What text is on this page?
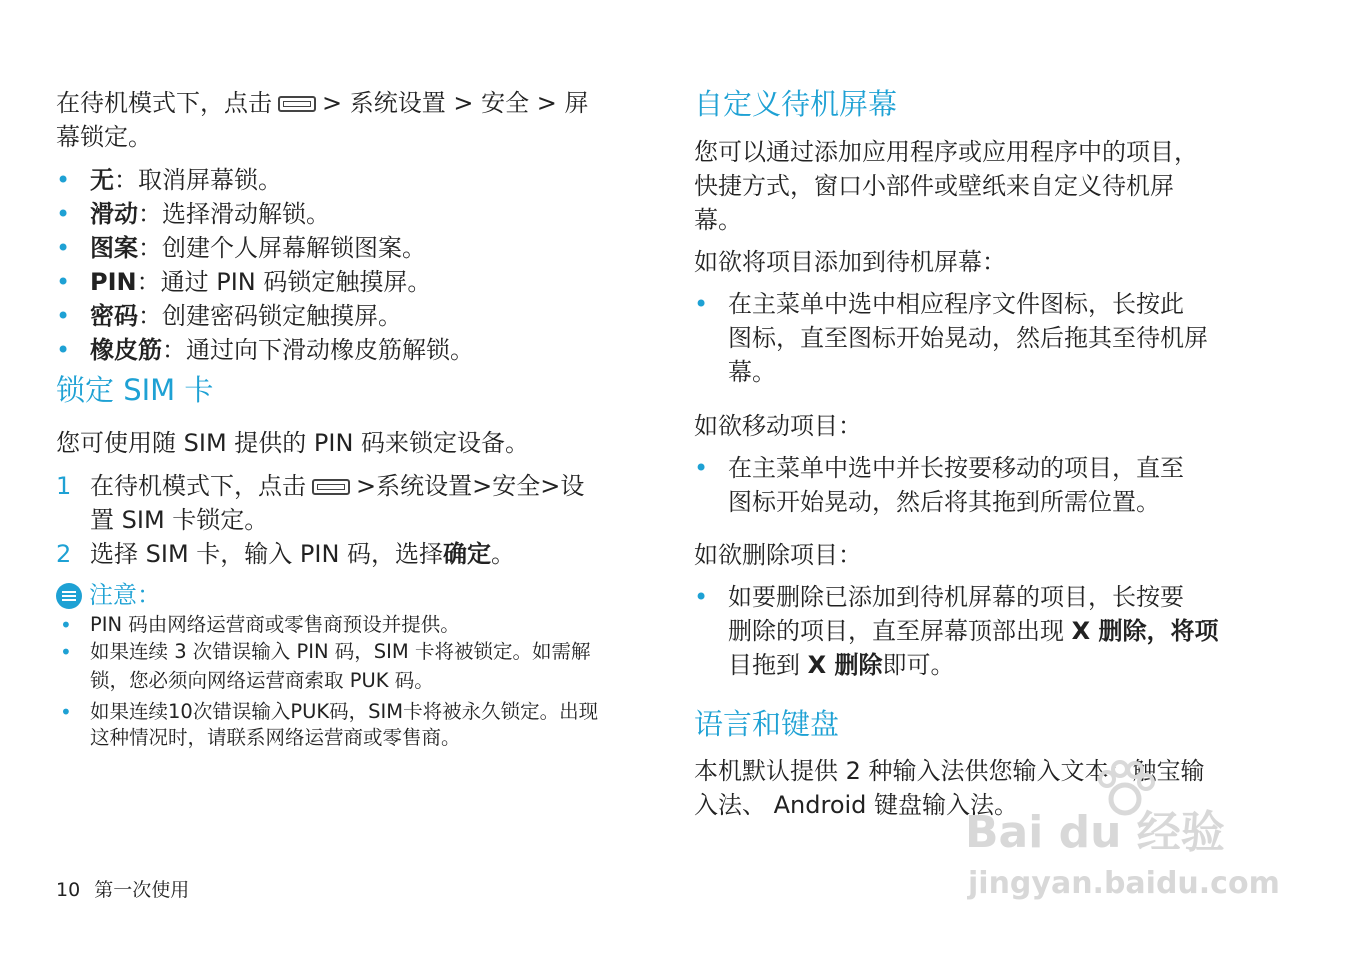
在待机模式下，点击 > 系统设置 > 安全 > 屏
幕锁定。
• 无：取消屏幕锁。
• 滑动：选择滑动解锁。
• 图案：创建个人屏幕解锁图案。
• PIN：通过 PIN 码锁定触摸屏。
• 密码：创建密码锁定触摸屏。
• 橡皮筋：通过向下滑动橡皮筋解锁。
锁定 SIM 卡
您可使用随 SIM 提供的 PIN 码来锁定设备。
1 在待机模式下，点击 >系统设置>安全>设
置 SIM 卡锁定。
2 选择 SIM 卡，输入 PIN 码，选择确定。
注意：
• PIN 码由网络运营商或零售商预设并提供。
• 如果连续 3 次错误输入 PIN 码，SIM 卡将被锁定。如需解
锁，您必须向网络运营商索取 PUK 码。
• 如果连续10次错误输入PUK码，SIM卡将被永久锁定。出现
这种情况时，请联系网络运营商或零售商。
自定义待机屏幕
您可以通过添加应用程序或应用程序中的项目，
快捷方式，窗口小部件或壁纸来自定义待机屏
幕。
如欲将项目添加到待机屏幕：
• 在主菜单中选中相应程序文件图标，长按此
图标，直至图标开始晃动，然后拖其至待机屏
幕。
如欲移动项目：
• 在主菜单中选中并长按要移动的项目，直至
图标开始晃动，然后将其拖到所需位置。
如欲删除项目：
• 如要删除已添加到待机屏幕的项目，长按要
删除的项目，直至屏幕顶部出现 X 删除，将项
目拖到 X 删除即可。
语言和键盘
本机默认提供 2 种输入法供您输入文本：触宝输
入法、 Android 键盘输入法。
10 第一次使用
Bai du 经验
jingyan.baidu.com
